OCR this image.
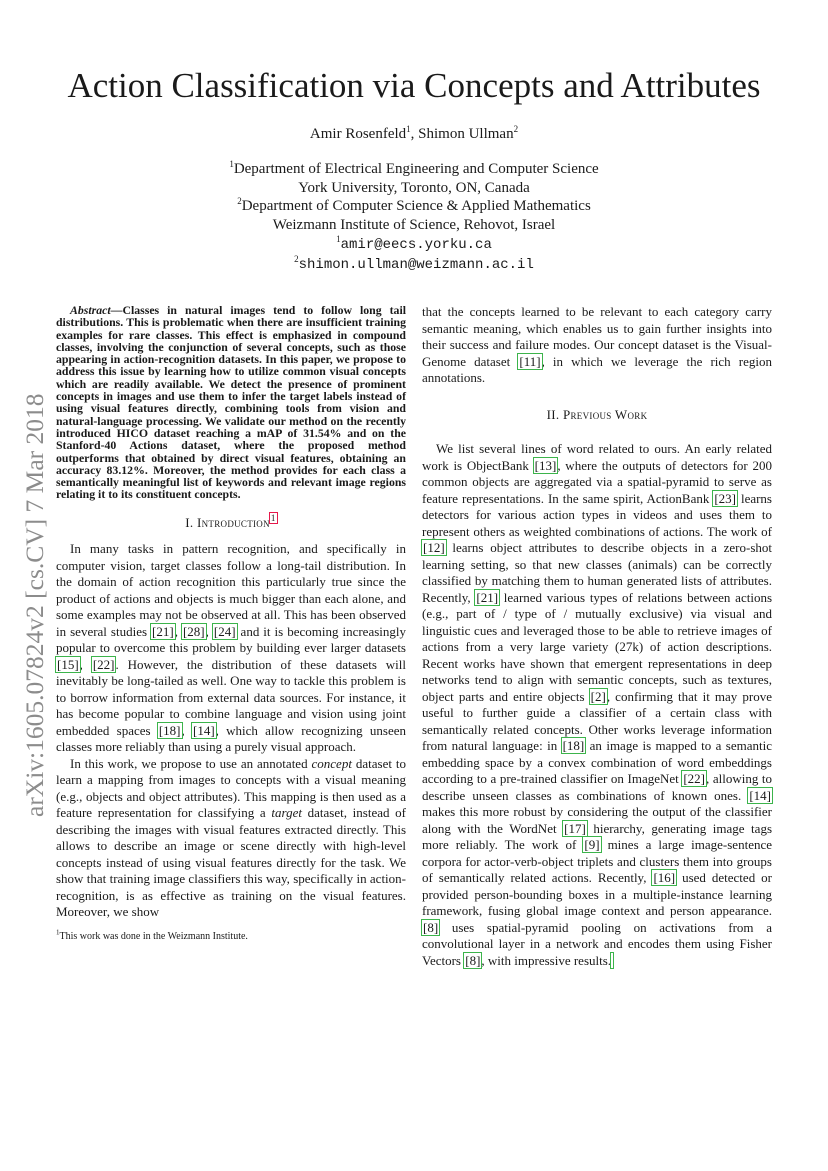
arXiv:1605.07824v2 [cs.CV] 7 Mar 2018
Action Classification via Concepts and Attributes
Amir Rosenfeld$^1$, Shimon Ullman$^2$
$^1$Department of Electrical Engineering and Computer Science
York University, Toronto, ON, Canada
$^2$Department of Computer Science & Applied Mathematics
Weizmann Institute of Science, Rehovot, Israel
$^1$amir@eecs.yorku.ca
$^2$shimon.ullman@weizmann.ac.il

Abstract—Classes in natural images tend to follow long tail distributions. This is problematic when there are insufficient training examples for rare classes. This effect is emphasized in compound classes, involving the conjunction of several concepts, such as those appearing in action-recognition datasets. In this paper, we propose to address this issue by learning how to utilize common visual concepts which are readily available. We detect the presence of prominent concepts in images and use them to infer the target labels instead of using visual features directly, combining tools from vision and natural-language processing. We validate our method on the recently introduced HICO dataset reaching a mAP of 31.54% and on the Stanford-40 Actions dataset, where the proposed method outperforms that obtained by direct visual features, obtaining an accuracy 83.12%. Moreover, the method provides for each class a semantically meaningful list of keywords and relevant image regions relating it to its constituent concepts.

I. Introduction$^1$

In many tasks in pattern recognition, and specifically in computer vision, target classes follow a long-tail distribution. In the domain of action recognition this particularly true since the product of actions and objects is much bigger than each alone, and some examples may not be observed at all. This has been observed in several studies [21], [28], [24] and it is becoming increasingly popular to overcome this problem by building ever larger datasets [15], [22]. However, the distribution of these datasets will inevitably be long-tailed as well. One way to tackle this problem is to borrow information from external data sources. For instance, it has become popular to combine language and vision using joint embedded spaces [18], [14], which allow recognizing unseen classes more reliably than using a purely visual approach.

In this work, we propose to use an annotated concept dataset to learn a mapping from images to concepts with a visual meaning (e.g., objects and object attributes). This mapping is then used as a feature representation for classifying a target dataset, instead of describing the images with visual features extracted directly. This allows to describe an image or scene directly with high-level concepts instead of using visual features directly for the task. We show that training image classifiers this way, specifically in action-recognition, is as effective as training on the visual features. Moreover, we show

$^1$This work was done in the Weizmann Institute.

that the concepts learned to be relevant to each category carry semantic meaning, which enables us to gain further insights into their success and failure modes. Our concept dataset is the Visual-Genome dataset [11], in which we leverage the rich region annotations.

II. Previous Work

We list several lines of word related to ours. An early related work is ObjectBank [13], where the outputs of detectors for 200 common objects are aggregated via a spatial-pyramid to serve as feature representations. In the same spirit, ActionBank [23] learns detectors for various action types in videos and uses them to represent others as weighted combinations of actions. The work of [12] learns object attributes to describe objects in a zero-shot learning setting, so that new classes (animals) can be correctly classified by matching them to human generated lists of attributes. Recently, [21] learned various types of relations between actions (e.g., part of / type of / mutually exclusive) via visual and linguistic cues and leveraged those to be able to retrieve images of actions from a very large variety (27k) of action descriptions. Recent works have shown that emergent representations in deep networks tend to align with semantic concepts, such as textures, object parts and entire objects [2], confirming that it may prove useful to further guide a classifier of a certain class with semantically related concepts. Other works leverage information from natural language: in [18] an image is mapped to a semantic embedding space by a convex combination of word embeddings according to a pre-trained classifier on ImageNet [22], allowing to describe unseen classes as combinations of known ones. [14] makes this more robust by considering the output of the classifier along with the WordNet [17] hierarchy, generating image tags more reliably. The work of [9] mines a large image-sentence corpora for actor-verb-object triplets and clusters them into groups of semantically related actions. Recently, [16] used detected or provided person-bounding boxes in a multiple-instance learning framework, fusing global image context and person appearance. [8] uses spatial-pyramid pooling on activations from a convolutional layer in a network and encodes them using Fisher Vectors [8], with impressive results.
